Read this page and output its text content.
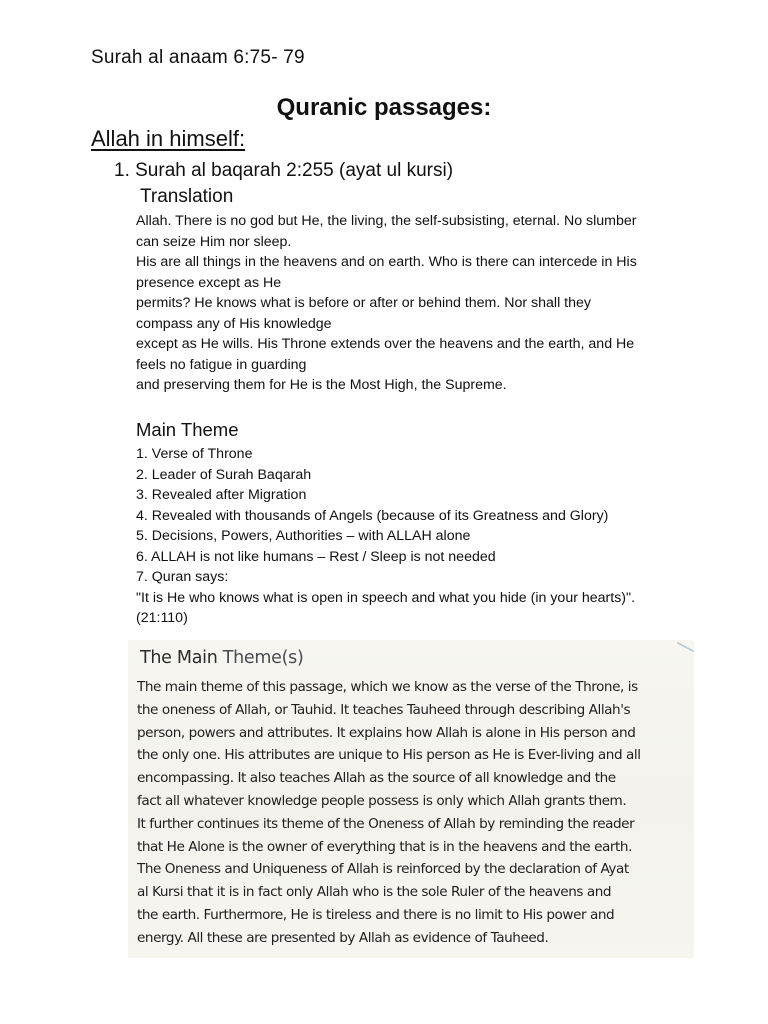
Surah al anaam 6:75- 79

Quranic passages:
Allah in himself:

1. Surah al baqarah 2:255 (ayat ul kursi)

Translation

Allah. There is no god but He, the living, the self-subsisting, eternal. No slumber
can seize Him nor sleep.
His are all things in the heavens and on earth. Who is there can intercede in His
presence except as He
permits? He knows what is before or after or behind them. Nor shall they
compass any of His knowledge
except as He wills. His Throne extends over the heavens and the earth, and He
feels no fatigue in guarding
and preserving them for He is the Most High, the Supreme.

Main Theme

1. Verse of Throne
2. Leader of Surah Baqarah
3. Revealed after Migration
4. Revealed with thousands of Angels (because of its Greatness and Glory)
5. Decisions, Powers, Authorities – with ALLAH alone
6. ALLAH is not like humans – Rest / Sleep is not needed
7. Quran says:
"It is He who knows what is open in speech and what you hide (in your hearts)".
(21:110)

The Main Theme(s)

The main theme of this passage, which we know as the verse of the Throne, is
the oneness of Allah, or Tauhid. It teaches Tauheed through describing Allah's
person, powers and attributes. It explains how Allah is alone in His person and
the only one. His attributes are unique to His person as He is Ever-living and all
encompassing. It also teaches Allah as the source of all knowledge and the
fact all whatever knowledge people possess is only which Allah grants them.
It further continues its theme of the Oneness of Allah by reminding the reader
that He Alone is the owner of everything that is in the heavens and the earth.
The Oneness and Uniqueness of Allah is reinforced by the declaration of Ayat
al Kursi that it is in fact only Allah who is the sole Ruler of the heavens and
the earth. Furthermore, He is tireless and there is no limit to His power and
energy. All these are presented by Allah as evidence of Tauheed.
